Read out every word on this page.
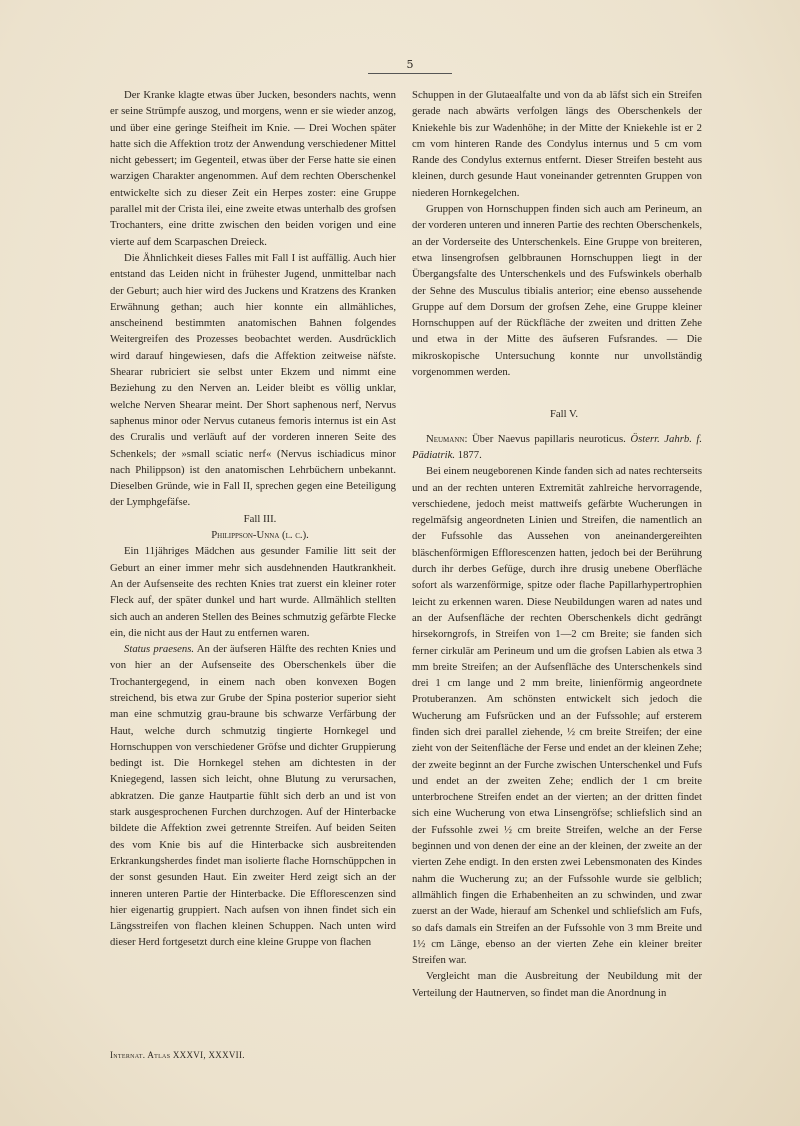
5

Der Kranke klagte etwas über Jucken, besonders nachts, wenn er seine Strümpfe auszog, und morgens, wenn er sie wieder anzog, und über eine geringe Steifheit im Knie. — Drei Wochen später hatte sich die Affektion trotz der Anwendung verschiedener Mittel nicht gebessert; im Gegenteil, etwas über der Ferse hatte sie einen warzigen Charakter angenommen. Auf dem rechten Oberschenkel entwickelte sich zu dieser Zeit ein Herpes zoster: eine Gruppe parallel mit der Crista ilei, eine zweite etwas unterhalb des grofsen Trochanters, eine dritte zwischen den beiden vorigen und eine vierte auf dem Scarpaschen Dreieck.

Die Ähnlichkeit dieses Falles mit Fall I ist auffällig. Auch hier entstand das Leiden nicht in frühester Jugend, unmittelbar nach der Geburt; auch hier wird des Juckens und Kratzens des Kranken Erwähnung gethan; auch hier konnte ein allmähliches, anscheinend bestimmten anatomischen Bahnen folgendes Weitergreifen des Prozesses beobachtet werden. Ausdrücklich wird darauf hingewiesen, dafs die Affektion zeitweise näfste. Shearar rubriciert sie selbst unter Ekzem und nimmt eine Beziehung zu den Nerven an. Leider bleibt es völlig unklar, welche Nerven Shearar meint. Der Short saphenous nerf, Nervus saphenus minor oder Nervus cutaneus femoris internus ist ein Ast des Cruralis und verläuft auf der vorderen inneren Seite des Schenkels; der »small sciatic nerf« (Nervus ischiadicus minor nach Philippson) ist den anatomischen Lehrbüchern unbekannt. Dieselben Gründe, wie in Fall II, sprechen gegen eine Beteiligung der Lymphgefäfse.

Fall III.

Philippson-Unna (l. c.).

Ein 11jähriges Mädchen aus gesunder Familie litt seit der Geburt an einer immer mehr sich ausdehnenden Hautkrankheit. An der Aufsenseite des rechten Knies trat zuerst ein kleiner roter Fleck auf, der später dunkel und hart wurde. Allmählich stellten sich auch an anderen Stellen des Beines schmutzig gefärbte Flecke ein, die nicht aus der Haut zu entfernen waren.

Status praesens. An der äufseren Hälfte des rechten Knies und von hier an der Aufsenseite des Oberschenkels über die Trochantergegend, in einem nach oben konvexen Bogen streichend, bis etwa zur Grube der Spina posterior superior sieht man eine schmutzig grau-braune bis schwarze Verfärbung der Haut, welche durch schmutzig tingierte Hornkegel und Hornschuppen von verschiedener Gröfse und dichter Gruppierung bedingt ist. Die Hornkegel stehen am dichtesten in der Kniegegend, lassen sich leicht, ohne Blutung zu verursachen, abkratzen. Die ganze Hautpartie fühlt sich derb an und ist von stark ausgesprochenen Furchen durchzogen. Auf der Hinterbacke bildete die Affektion zwei getrennte Streifen. Auf beiden Seiten des vom Knie bis auf die Hinterbacke sich ausbreitenden Erkrankungsherdes findet man isolierte flache Hornschüppchen in der sonst gesunden Haut. Ein zweiter Herd zeigt sich an der inneren unteren Partie der Hinterbacke. Die Efflorescenzen sind hier eigenartig gruppiert. Nach aufsen von ihnen findet sich ein Längsstreifen von flachen kleinen Schuppen. Nach unten wird dieser Herd fortgesetzt durch eine kleine Gruppe von flachen

Schuppen in der Glutaealfalte und von da ab läfst sich ein Streifen gerade nach abwärts verfolgen längs des Oberschenkels der Kniekehle bis zur Wadenhöhe; in der Mitte der Kniekehle ist er 2 cm vom hinteren Rande des Condylus internus und 5 cm vom Rande des Condylus externus entfernt. Dieser Streifen besteht aus kleinen, durch gesunde Haut voneinander getrennten Gruppen von niederen Hornkegelchen.

Gruppen von Hornschuppen finden sich auch am Perineum, an der vorderen unteren und inneren Partie des rechten Oberschenkels, an der Vorderseite des Unterschenkels. Eine Gruppe von breiteren, etwa linsengrofsen gelbbraunen Hornschuppen liegt in der Übergangsfalte des Unterschenkels und des Fufswinkels oberhalb der Sehne des Musculus tibialis anterior; eine ebenso aussehende Gruppe auf dem Dorsum der grofsen Zehe, eine Gruppe kleiner Hornschuppen auf der Rückfläche der zweiten und dritten Zehe und etwa in der Mitte des äufseren Fufsrandes. — Die mikroskopische Untersuchung konnte nur unvollständig vorgenommen werden.

Fall V.

Neumann: Über Naevus papillaris neuroticus. Österr. Jahrb. f. Pädiatrik. 1877.

Bei einem neugeborenen Kinde fanden sich ad nates rechterseits und an der rechten unteren Extremität zahlreiche hervorragende, verschiedene, jedoch meist mattweifs gefärbte Wucherungen in regelmäfsig angeordneten Linien und Streifen, die namentlich an der Fufssohle das Aussehen von aneinandergereihten bläschenförmigen Efflorescenzen hatten, jedoch bei der Berührung durch ihr derbes Gefüge, durch ihre drusig unebene Oberfläche sofort als warzenförmige, spitze oder flache Papillarhypertrophien leicht zu erkennen waren. Diese Neubildungen waren ad nates und an der Aufsenfläche der rechten Oberschenkels dicht gedrängt hirsekorngrofs, in Streifen von 1—2 cm Breite; sie fanden sich ferner cirkulär am Perineum und um die grofsen Labien als etwa 3 mm breite Streifen; an der Aufsenfläche des Unterschenkels sind drei 1 cm lange und 2 mm breite, linienförmig angeordnete Protuberanzen. Am schönsten entwickelt sich jedoch die Wucherung am Fufsrücken und an der Fufssohle; auf ersterem finden sich drei parallel ziehende, ½ cm breite Streifen; der eine zieht von der Seitenfläche der Ferse und endet an der kleinen Zehe; der zweite beginnt an der Furche zwischen Unterschenkel und Fufs und endet an der zweiten Zehe; endlich der 1 cm breite unterbrochene Streifen endet an der vierten; an der dritten findet sich eine Wucherung von etwa Linsengröfse; schliefslich sind an der Fufssohle zwei ½ cm breite Streifen, welche an der Ferse beginnen und von denen der eine an der kleinen, der zweite an der vierten Zehe endigt. In den ersten zwei Lebensmonaten des Kindes nahm die Wucherung zu; an der Fufssohle wurde sie gelblich; allmählich fingen die Erhabenheiten an zu schwinden, und zwar zuerst an der Wade, hierauf am Schenkel und schliefslich am Fufs, so dafs damals ein Streifen an der Fufssohle von 3 mm Breite und 1½ cm Länge, ebenso an der vierten Zehe ein kleiner breiter Streifen war.

Vergleicht man die Ausbreitung der Neubildung mit der Verteilung der Hautnerven, so findet man die Anordnung in

Internat. Atlas XXXVI, XXXVII.
